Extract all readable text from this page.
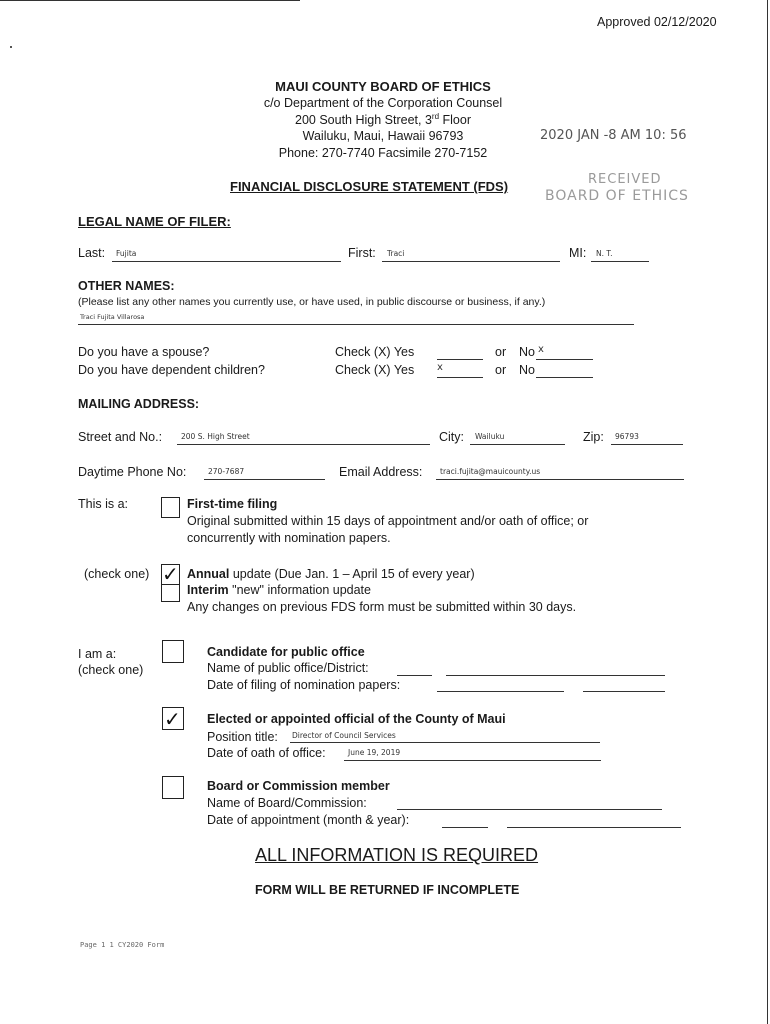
Approved 02/12/2020
MAUI COUNTY BOARD OF ETHICS
c/o Department of the Corporation Counsel
200 South High Street, 3rd Floor
Wailuku, Maui, Hawaii 96793
Phone: 270-7740 Facsimile 270-7152
2020 JAN -8 AM 10: 56
RECEIVED
BOARD OF ETHICS
FINANCIAL DISCLOSURE STATEMENT (FDS)
LEGAL NAME OF FILER:
Last: Fujita	First: Traci	MI: N. T.
OTHER NAMES:
(Please list any other names you currently use, or have used, in public discourse or business, if any.)
Traci Fujita Villarosa
Do you have a spouse?	Check (X) Yes	or No x
Do you have dependent children?	Check (X) Yes x	or No
MAILING ADDRESS:
Street and No.:	200 S. High Street	City: Wailuku	Zip: 96793
Daytime Phone No:	270-7687	Email Address: traci.fujita@mauicounty.us
This is a:	First-time filing
Original submitted within 15 days of appointment and/or oath of office; or
concurrently with nomination papers.
(check one) ✓ Annual update (Due Jan. 1 – April 15 of every year)
Interim "new" information update
Any changes on previous FDS form must be submitted within 30 days.
I am a:
(check one)
Candidate for public office
Name of public office/District:
Date of filing of nomination papers:
✓ Elected or appointed official of the County of Maui
Position title: Director of Council Services
Date of oath of office:	June 19, 2019
Board or Commission member
Name of Board/Commission:
Date of appointment (month & year):
ALL INFORMATION IS REQUIRED
FORM WILL BE RETURNED IF INCOMPLETE
Page 1 1 CY2020 Form
